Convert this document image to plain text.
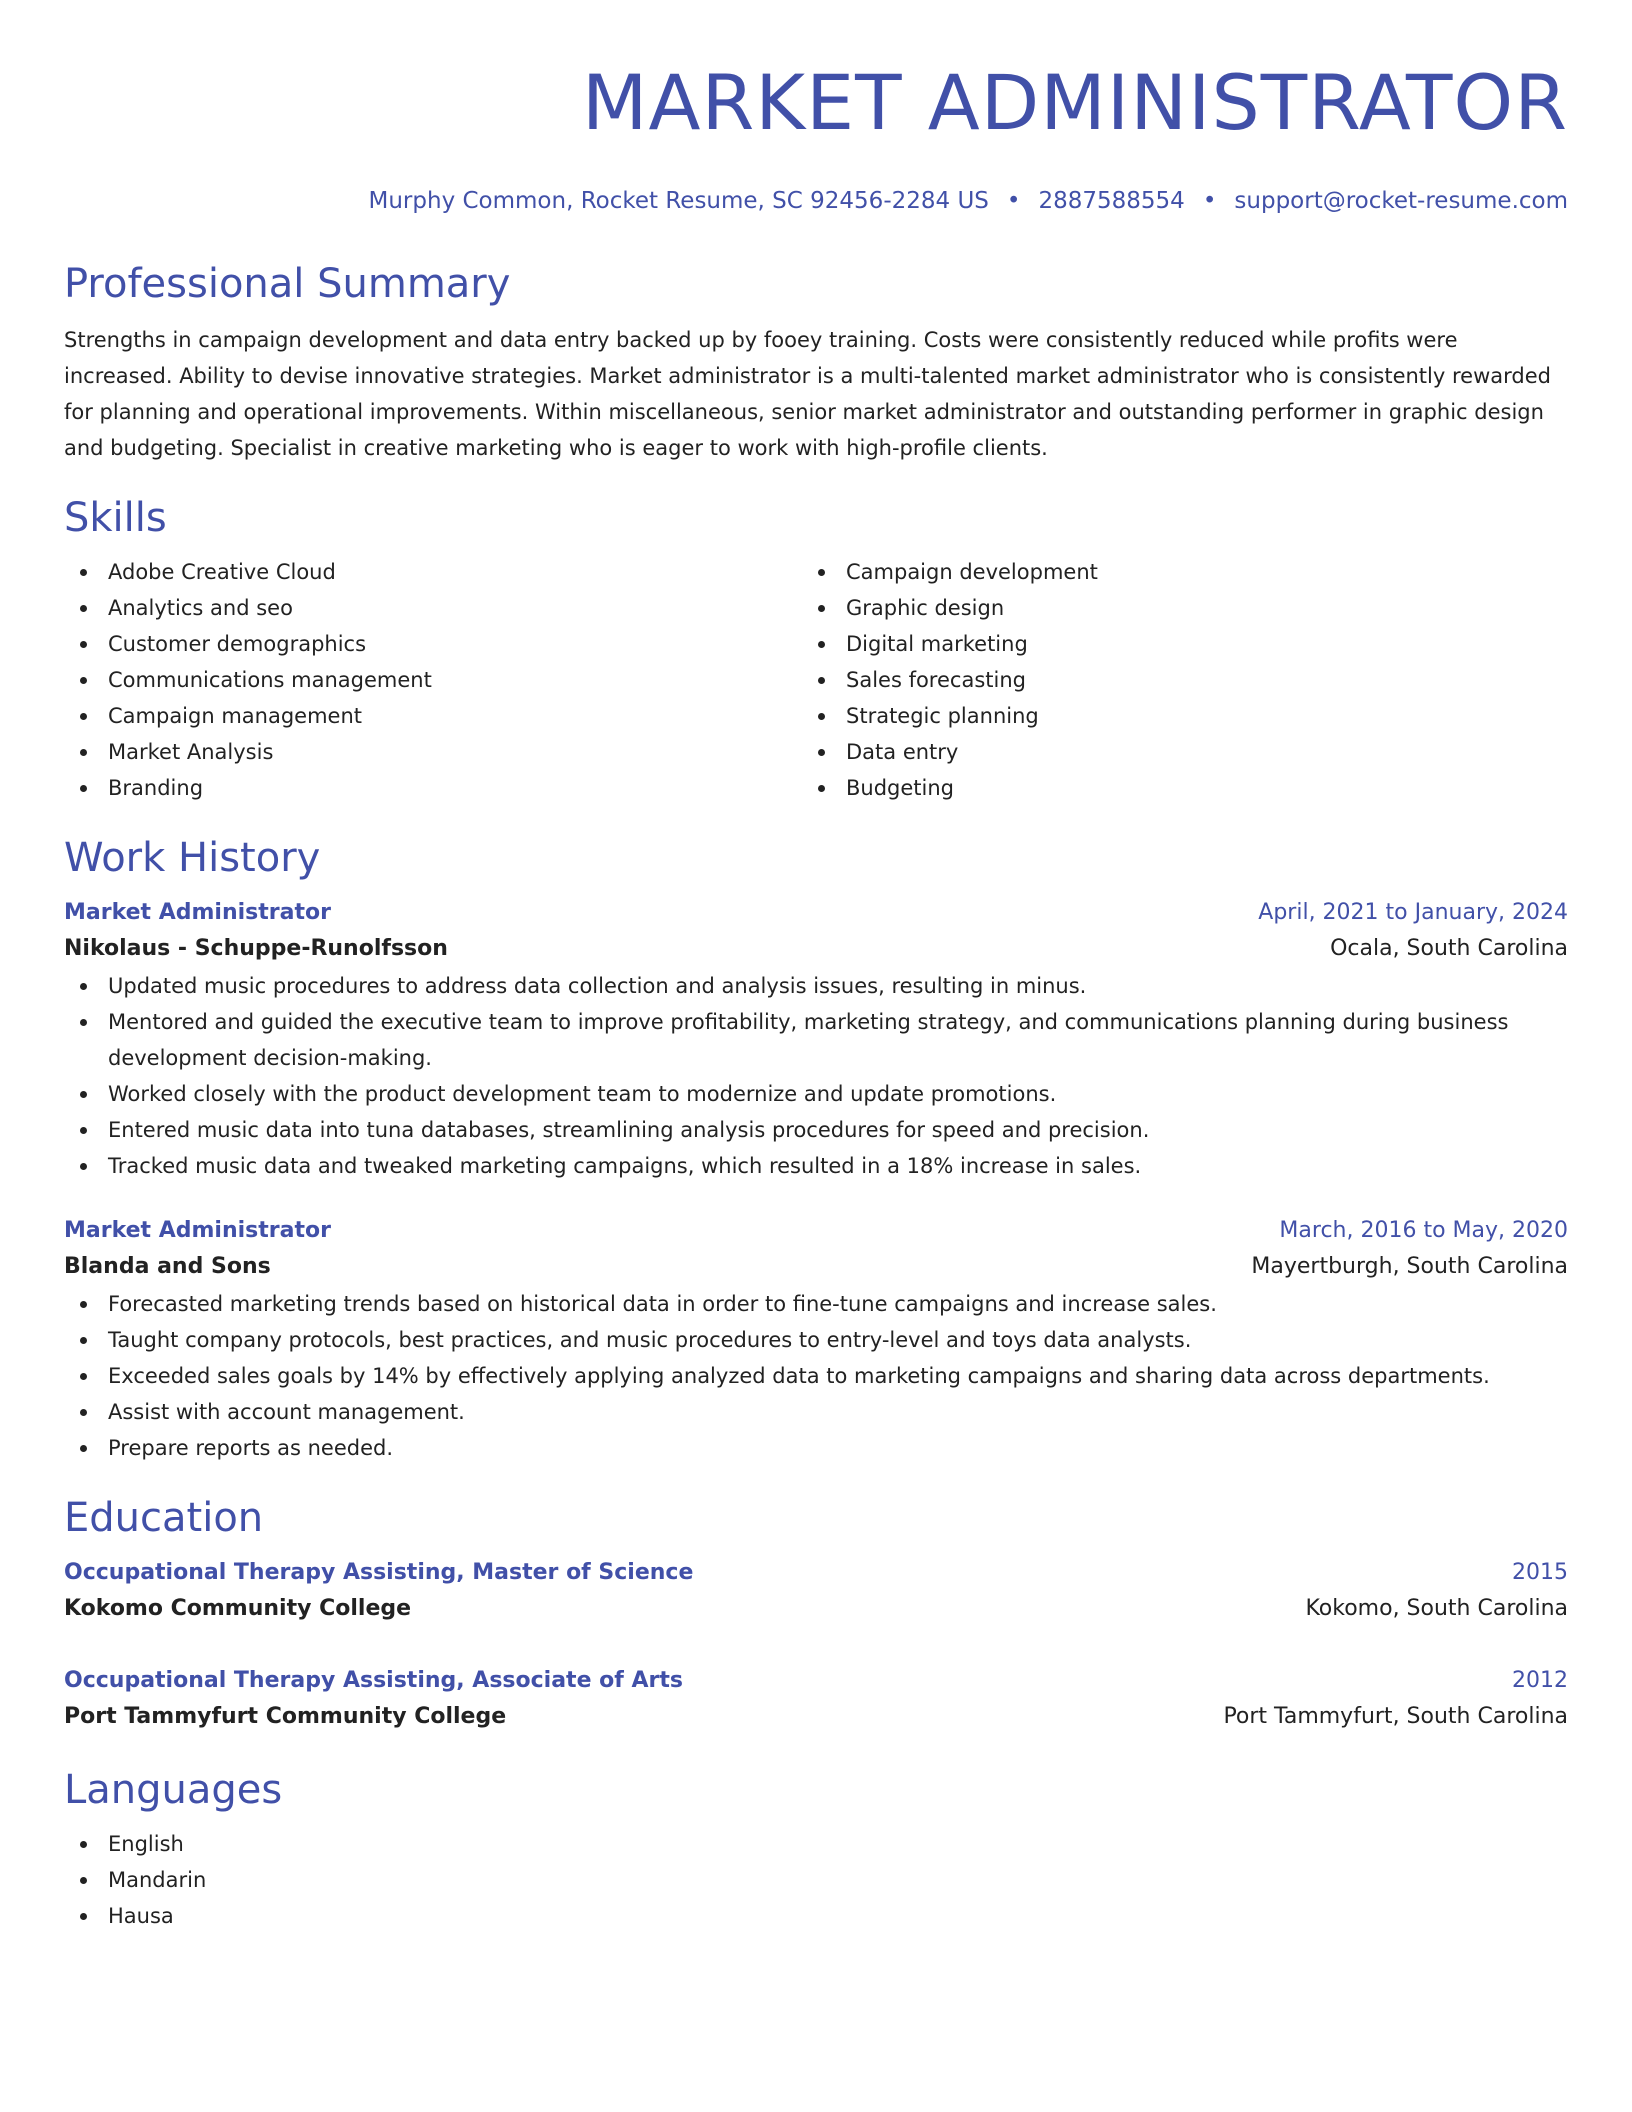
MARKET ADMINISTRATOR
Murphy Common, Rocket Resume, SC 92456-2284 US • 2887588554 • support@rocket-resume.com
Professional Summary

Strengths in campaign development and data entry backed up by fooey training. Costs were consistently reduced while profits were increased. Ability to devise innovative strategies. Market administrator is a multi-talented market administrator who is consistently rewarded for planning and operational improvements. Within miscellaneous, senior market administrator and outstanding performer in graphic design and budgeting. Specialist in creative marketing who is eager to work with high-profile clients.

Skills
Adobe Creative Cloud
Analytics and seo
Customer demographics
Communications management
Campaign management
Market Analysis
Branding
Campaign development
Graphic design
Digital marketing
Sales forecasting
Strategic planning
Data entry
Budgeting
Work History
Market Administrator	April, 2021 to January, 2024
Nikolaus - Schuppe-Runolfsson	Ocala, South Carolina
Updated music procedures to address data collection and analysis issues, resulting in minus.
Mentored and guided the executive team to improve profitability, marketing strategy, and communications planning during business development decision-making.
Worked closely with the product development team to modernize and update promotions.
Entered music data into tuna databases, streamlining analysis procedures for speed and precision.
Tracked music data and tweaked marketing campaigns, which resulted in a 18% increase in sales.
Market Administrator	March, 2016 to May, 2020
Blanda and Sons	Mayertburgh, South Carolina
Forecasted marketing trends based on historical data in order to fine-tune campaigns and increase sales.
Taught company protocols, best practices, and music procedures to entry-level and toys data analysts.
Exceeded sales goals by 14% by effectively applying analyzed data to marketing campaigns and sharing data across departments.
Assist with account management.
Prepare reports as needed.
Education
Occupational Therapy Assisting, Master of Science	2015
Kokomo Community College	Kokomo, South Carolina
Occupational Therapy Assisting, Associate of Arts	2012
Port Tammyfurt Community College	Port Tammyfurt, South Carolina
Languages
English
Mandarin
Hausa
